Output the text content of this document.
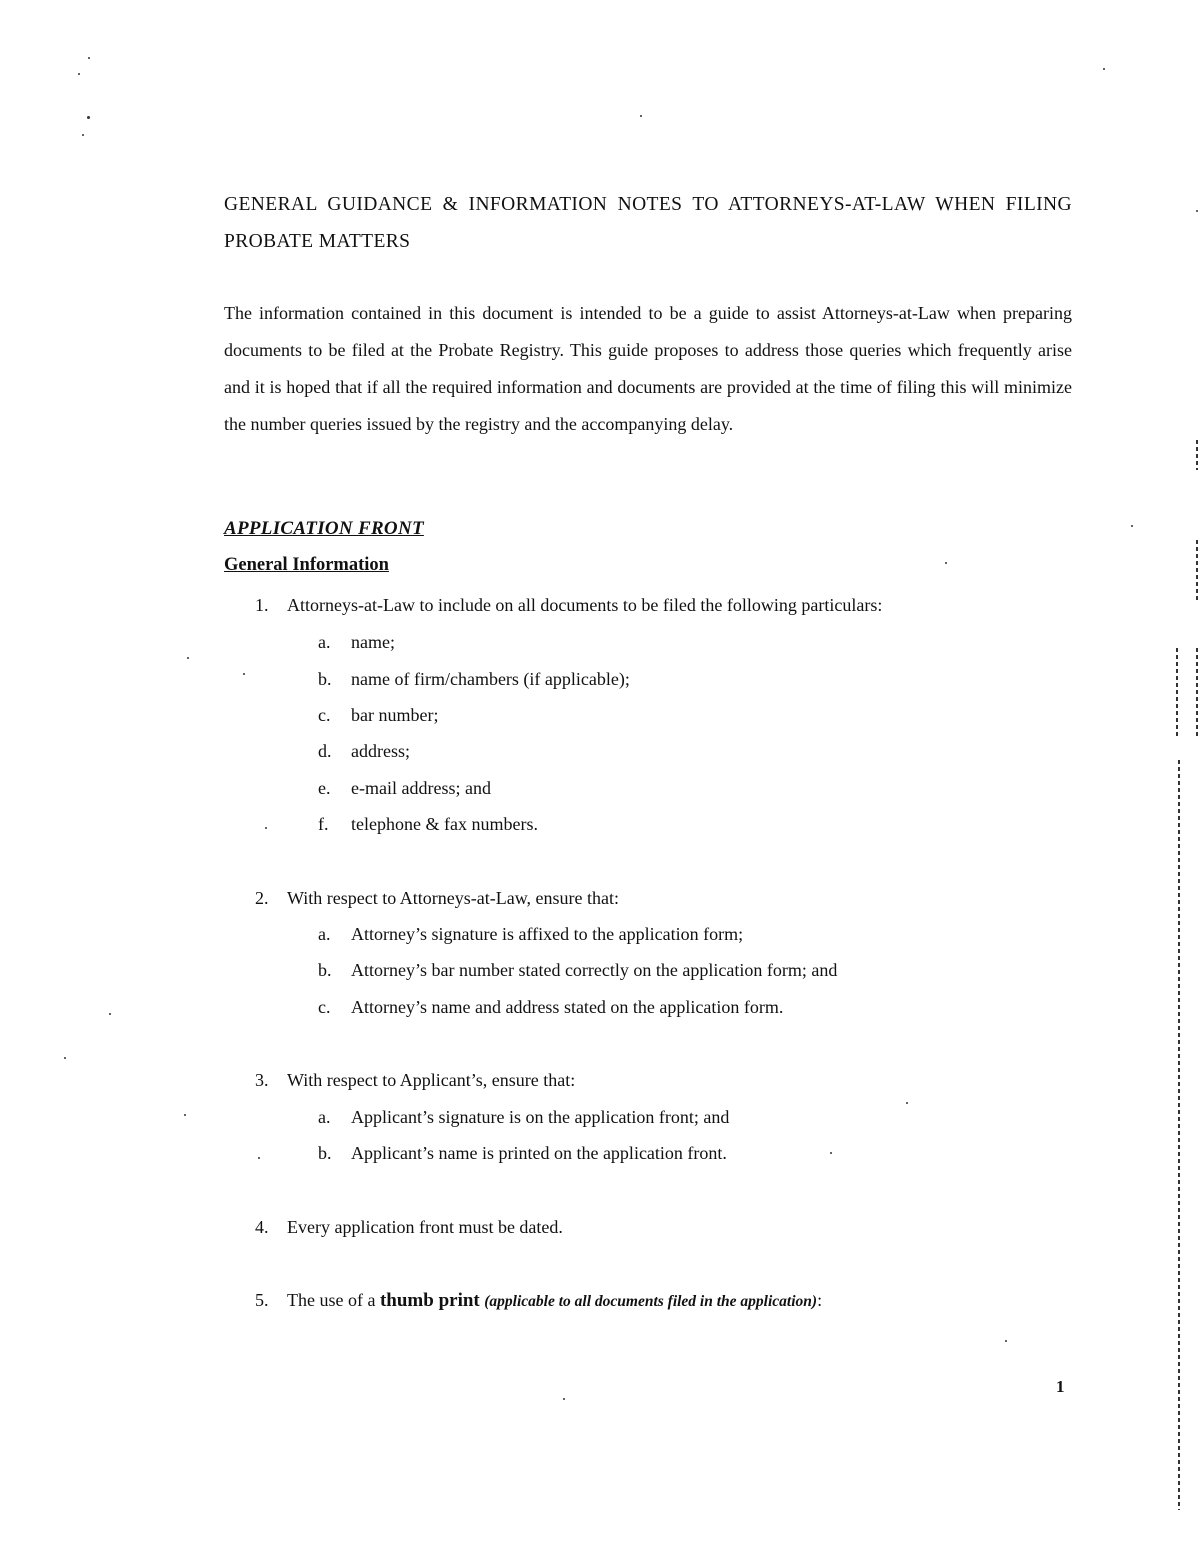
GENERAL GUIDANCE & INFORMATION NOTES TO ATTORNEYS-AT-LAW WHEN FILING PROBATE MATTERS

The information contained in this document is intended to be a guide to assist Attorneys-at-Law when preparing documents to be filed at the Probate Registry. This guide proposes to address those queries which frequently arise and it is hoped that if all the required information and documents are provided at the time of filing this will minimize the number queries issued by the registry and the accompanying delay.

APPLICATION FRONT
General Information
1. Attorneys-at-Law to include on all documents to be filed the following particulars:
a. name;
b. name of firm/chambers (if applicable);
c. bar number;
d. address;
e. e-mail address; and
f. telephone & fax numbers.
2. With respect to Attorneys-at-Law, ensure that:
a. Attorney’s signature is affixed to the application form;
b. Attorney’s bar number stated correctly on the application form; and
c. Attorney’s name and address stated on the application form.
3. With respect to Applicant’s, ensure that:
a. Applicant’s signature is on the application front; and
b. Applicant’s name is printed on the application front.
4. Every application front must be dated.
5. The use of a thumb print (applicable to all documents filed in the application):
1
